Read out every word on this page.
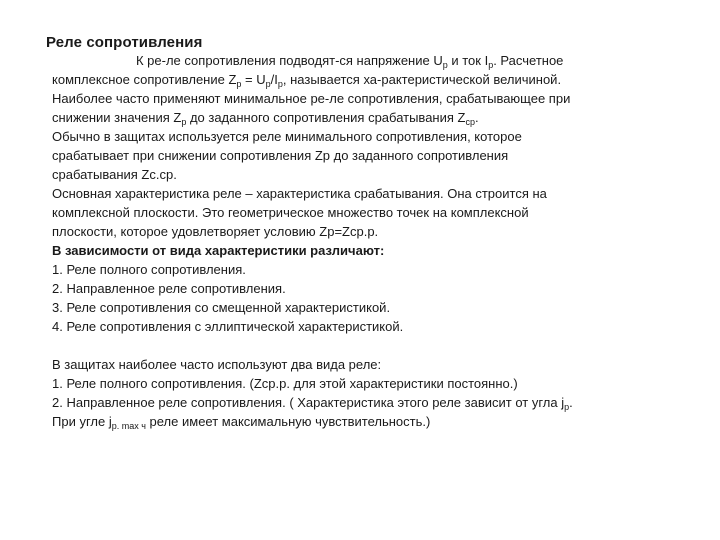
Реле сопротивления
К ре-ле сопротивления подводят-ся напряжение $U_р$ и ток $I_р$. Расчетное
комплексное сопротивление $Z_р = U_р/I_р$, называется ха-рактеристической величиной.
Наиболее часто применяют минимальное ре-ле сопротивления, срабатывающее при
снижении значения $Z_р$ до заданного сопротивления срабатывания $Z_{ср}$.
Обычно в защитах используется реле минимального сопротивления, которое
срабатывает при снижении сопротивления Zр до заданного сопротивления
срабатывания Zс.ср.
Основная характеристика реле – характеристика срабатывания. Она строится на
комплексной плоскости. Это геометрическое множество точек на комплексной
плоскости, которое удовлетворяет условию Zр=Zср.р.
В зависимости от вида характеристики различают:
1. Реле полного сопротивления.
2. Направленное реле сопротивления.
3. Реле сопротивления со смещенной характеристикой.
4. Реле сопротивления с эллиптической характеристикой.
В защитах наиболее часто используют два вида реле:
1. Реле полного сопротивления. (Zср.р. для этой характеристики постоянно.)
2. Направленное реле сопротивления. ( Характеристика этого реле зависит от угла $j_р$.
При угле $j_{р. max ч}$ реле имеет максимальную чувствительность.)
